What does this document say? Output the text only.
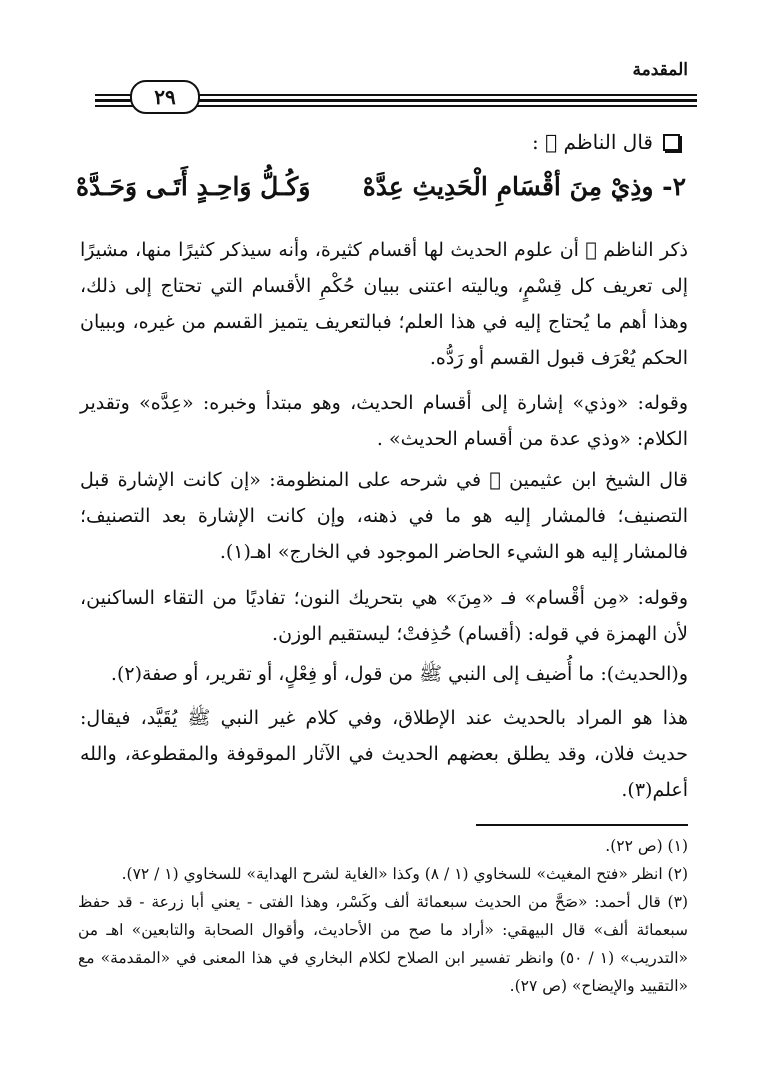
المقدمة
٢٩
قال الناظم ﷫ :
٢- وذِيْ مِنَ أقْسَامِ الْحَدِيثِ عِدَّهْ
وَكُـلُّ وَاحِـدٍ أَتَـى وَحَـدَّهْ
ذكر الناظم ﷫ أن علوم الحديث لها أقسام كثيرة، وأنه سيذكر كثيرًا منها، مشيرًا إلى تعريف كل قِسْمٍ، وياليته اعتنى ببيان حُكْمِ الأقسام التي تحتاج إلى ذلك، وهذا أهم ما يُحتاج إليه في هذا العلم؛ فبالتعريف يتميز القسم من غيره، وببيان الحكم يُعْرَف قبول القسم أو رَدُّه.
وقوله: «وذي» إشارة إلى أقسام الحديث، وهو مبتدأ وخبره: «عِدَّه» وتقدير الكلام: «وذي عدة من أقسام الحديث» .
قال الشيخ ابن عثيمين ﷫ في شرحه على المنظومة: «إن كانت الإشارة قبل التصنيف؛ فالمشار إليه هو ما في ذهنه، وإن كانت الإشارة بعد التصنيف؛ فالمشار إليه هو الشيء الحاضر الموجود في الخارج» اهـ(١).
وقوله: «مِن أقْسام» فـ «مِنَ» هي بتحريك النون؛ تفاديًا من التقاء الساكنين، لأن الهمزة في قوله: (أقسام) حُذِفتْ؛ ليستقيم الوزن.
و(الحديث): ما أُضيف إلى النبي ﷺ من قول، أو فِعْلٍ، أو تقرير، أو صفة(٢).
هذا هو المراد بالحديث عند الإطلاق، وفي كلام غير النبي ﷺ يُقَيَّد، فيقال: حديث فلان، وقد يطلق بعضهم الحديث في الآثار الموقوفة والمقطوعة، والله أعلم(٣).

(١) (ص ٢٢).

(٢) انظر «فتح المغيث» للسخاوي (١ / ٨) وكذا «الغاية لشرح الهداية» للسخاوي (١ / ٧٢).

(٣) قال أحمد: «صَحَّ من الحديث سبعمائة ألف وكَسْر، وهذا الفتى - يعني أبا زرعة - قد حفظ سبعمائة ألف» قال البيهقي: «أراد ما صح من الأحاديث، وأقوال الصحابة والتابعين» اهـ من «التدريب» (١ / ٥٠) وانظر تفسير ابن الصلاح لكلام البخاري في هذا المعنى في «المقدمة» مع «التقييد والإيضاح» (ص ٢٧).
